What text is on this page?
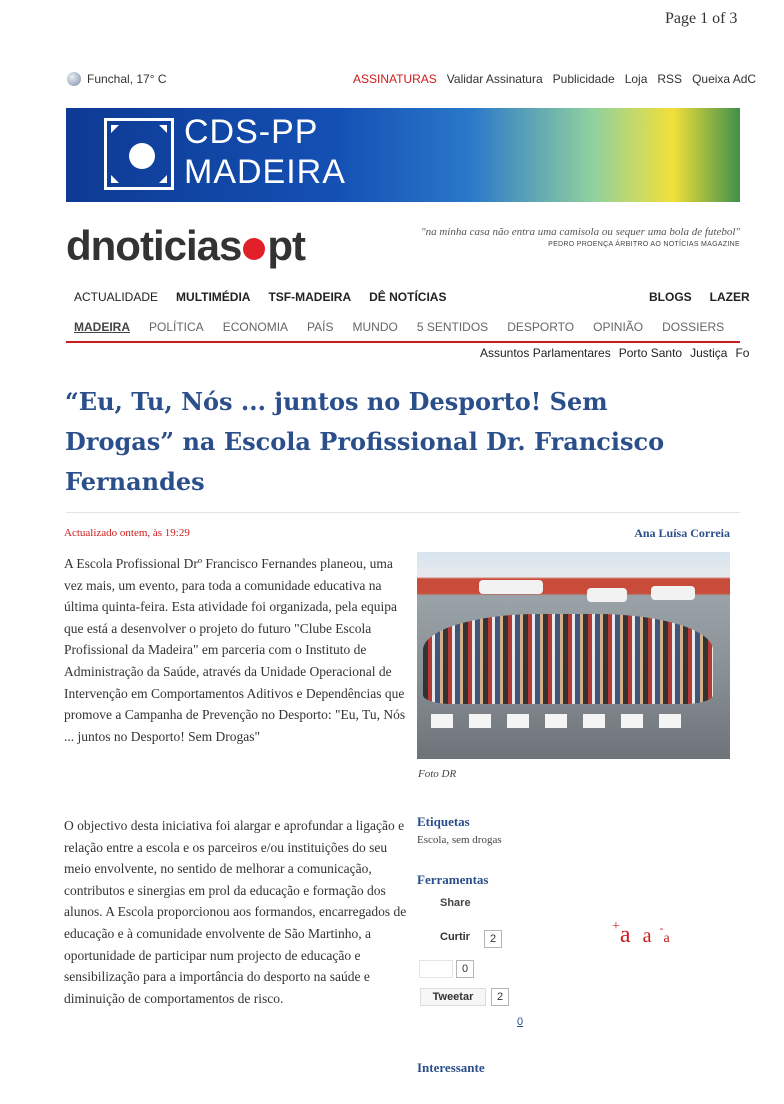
Page 1 of 3
Funchal, 17° C	ASSINATURAS Validar Assinatura Publicidade Loja RSS Queixa AdC
CDS-PP
MADEIRA
dnoticias pt	"na minha casa não entra uma camisola ou sequer uma bola de futebol"
PEDRO PROENÇA ÁRBITRO AO NOTÍCIAS MAGAZINE
ACTUALIDADE MULTIMÉDIA TSF-MADEIRA DÊ NOTÍCIAS	BLOGS LAZER
MADEIRA POLÍTICA ECONOMIA PAÍS MUNDO 5 SENTIDOS DESPORTO OPINIÃO DOSSIERS
Assuntos Parlamentares Porto Santo Justiça Fo
“Eu, Tu, Nós ... juntos no Desporto! Sem Drogas” na Escola Profissional Dr. Francisco Fernandes
Actualizado ontem, às 19:29	Ana Luísa Correia

A Escola Profissional Drº Francisco Fernandes planeou, uma vez mais, um evento, para toda a comunidade educativa na última quinta-feira. Esta atividade foi organizada, pela equipa que está a desenvolver o projeto do futuro "Clube Escola Profissional da Madeira" em parceria com o Instituto de Administração da Saúde, através da Unidade Operacional de Intervenção em Comportamentos Aditivos e Dependências que promove a Campanha de Prevenção no Desporto: "Eu, Tu, Nós ... juntos no Desporto! Sem Drogas"

O objectivo desta iniciativa foi alargar e aprofundar a ligação e relação entre a escola e os parceiros e/ou instituições do seu meio envolvente, no sentido de melhorar a comunicação, contributos e sinergias em prol da educação e formação dos alunos. A Escola proporcionou aos formandos, encarregados de educação e à comunidade envolvente de São Martinho, a oportunidade de participar num projecto de educação e sensibilização para a importância do desporto na saúde e diminuição de comportamentos de risco.

Foto DR
Etiquetas
Escola, sem drogas
Ferramentas
Share
Curtir	2
0
Tweetar	2
0
+ a a -
a
Interessante
